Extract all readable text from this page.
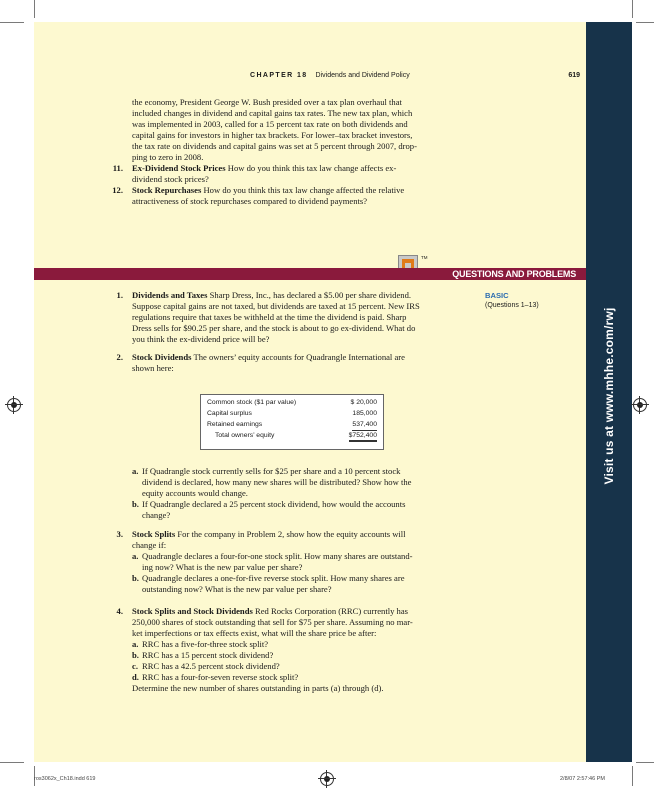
Visit us at www.mhhe.com/rwj
CHAPTER 18 Dividends and Dividend Policy	619
the economy, President George W. Bush presided over a tax plan overhaul that
included changes in dividend and capital gains tax rates. The new tax plan, which
was implemented in 2003, called for a 15 percent tax rate on both dividends and
capital gains for investors in higher tax brackets. For lower–tax bracket investors,
the tax rate on dividends and capital gains was set at 5 percent through 2007, drop-
ping to zero in 2008.
11. Ex-Dividend Stock Prices How do you think this tax law change affects ex-
dividend stock prices?
12. Stock Repurchases How do you think this tax law change affected the relative
attractiveness of stock repurchases compared to dividend payments?
TM
QUESTIONS AND PROBLEMS
BASIC
(Questions 1–13)
1. Dividends and Taxes Sharp Dress, Inc., has declared a $5.00 per share dividend.
Suppose capital gains are not taxed, but dividends are taxed at 15 percent. New IRS
regulations require that taxes be withheld at the time the dividend is paid. Sharp
Dress sells for $90.25 per share, and the stock is about to go ex-dividend. What do
you think the ex-dividend price will be?
2. Stock Dividends The owners’ equity accounts for Quadrangle International are
shown here:
Common stock ($1 par value)	$ 20,000
Capital surplus	185,000
Retained earnings	537,400
Total owners’ equity	$752,400
a. If Quadrangle stock currently sells for $25 per share and a 10 percent stock
dividend is declared, how many new shares will be distributed? Show how the
equity accounts would change.
b. If Quadrangle declared a 25 percent stock dividend, how would the accounts
change?
3. Stock Splits For the company in Problem 2, show how the equity accounts will
change if:
a. Quadrangle declares a four-for-one stock split. How many shares are outstand-
ing now? What is the new par value per share?
b. Quadrangle declares a one-for-five reverse stock split. How many shares are
outstanding now? What is the new par value per share?
4. Stock Splits and Stock Dividends Red Rocks Corporation (RRC) currently has
250,000 shares of stock outstanding that sell for $75 per share. Assuming no mar-
ket imperfections or tax effects exist, what will the share price be after:
a. RRC has a five-for-three stock split?
b. RRC has a 15 percent stock dividend?
c. RRC has a 42.5 percent stock dividend?
d. RRC has a four-for-seven reverse stock split?
Determine the new number of shares outstanding in parts (a) through (d).
ros3062x_Ch18.indd 619	2/8/07 2:57:46 PM
